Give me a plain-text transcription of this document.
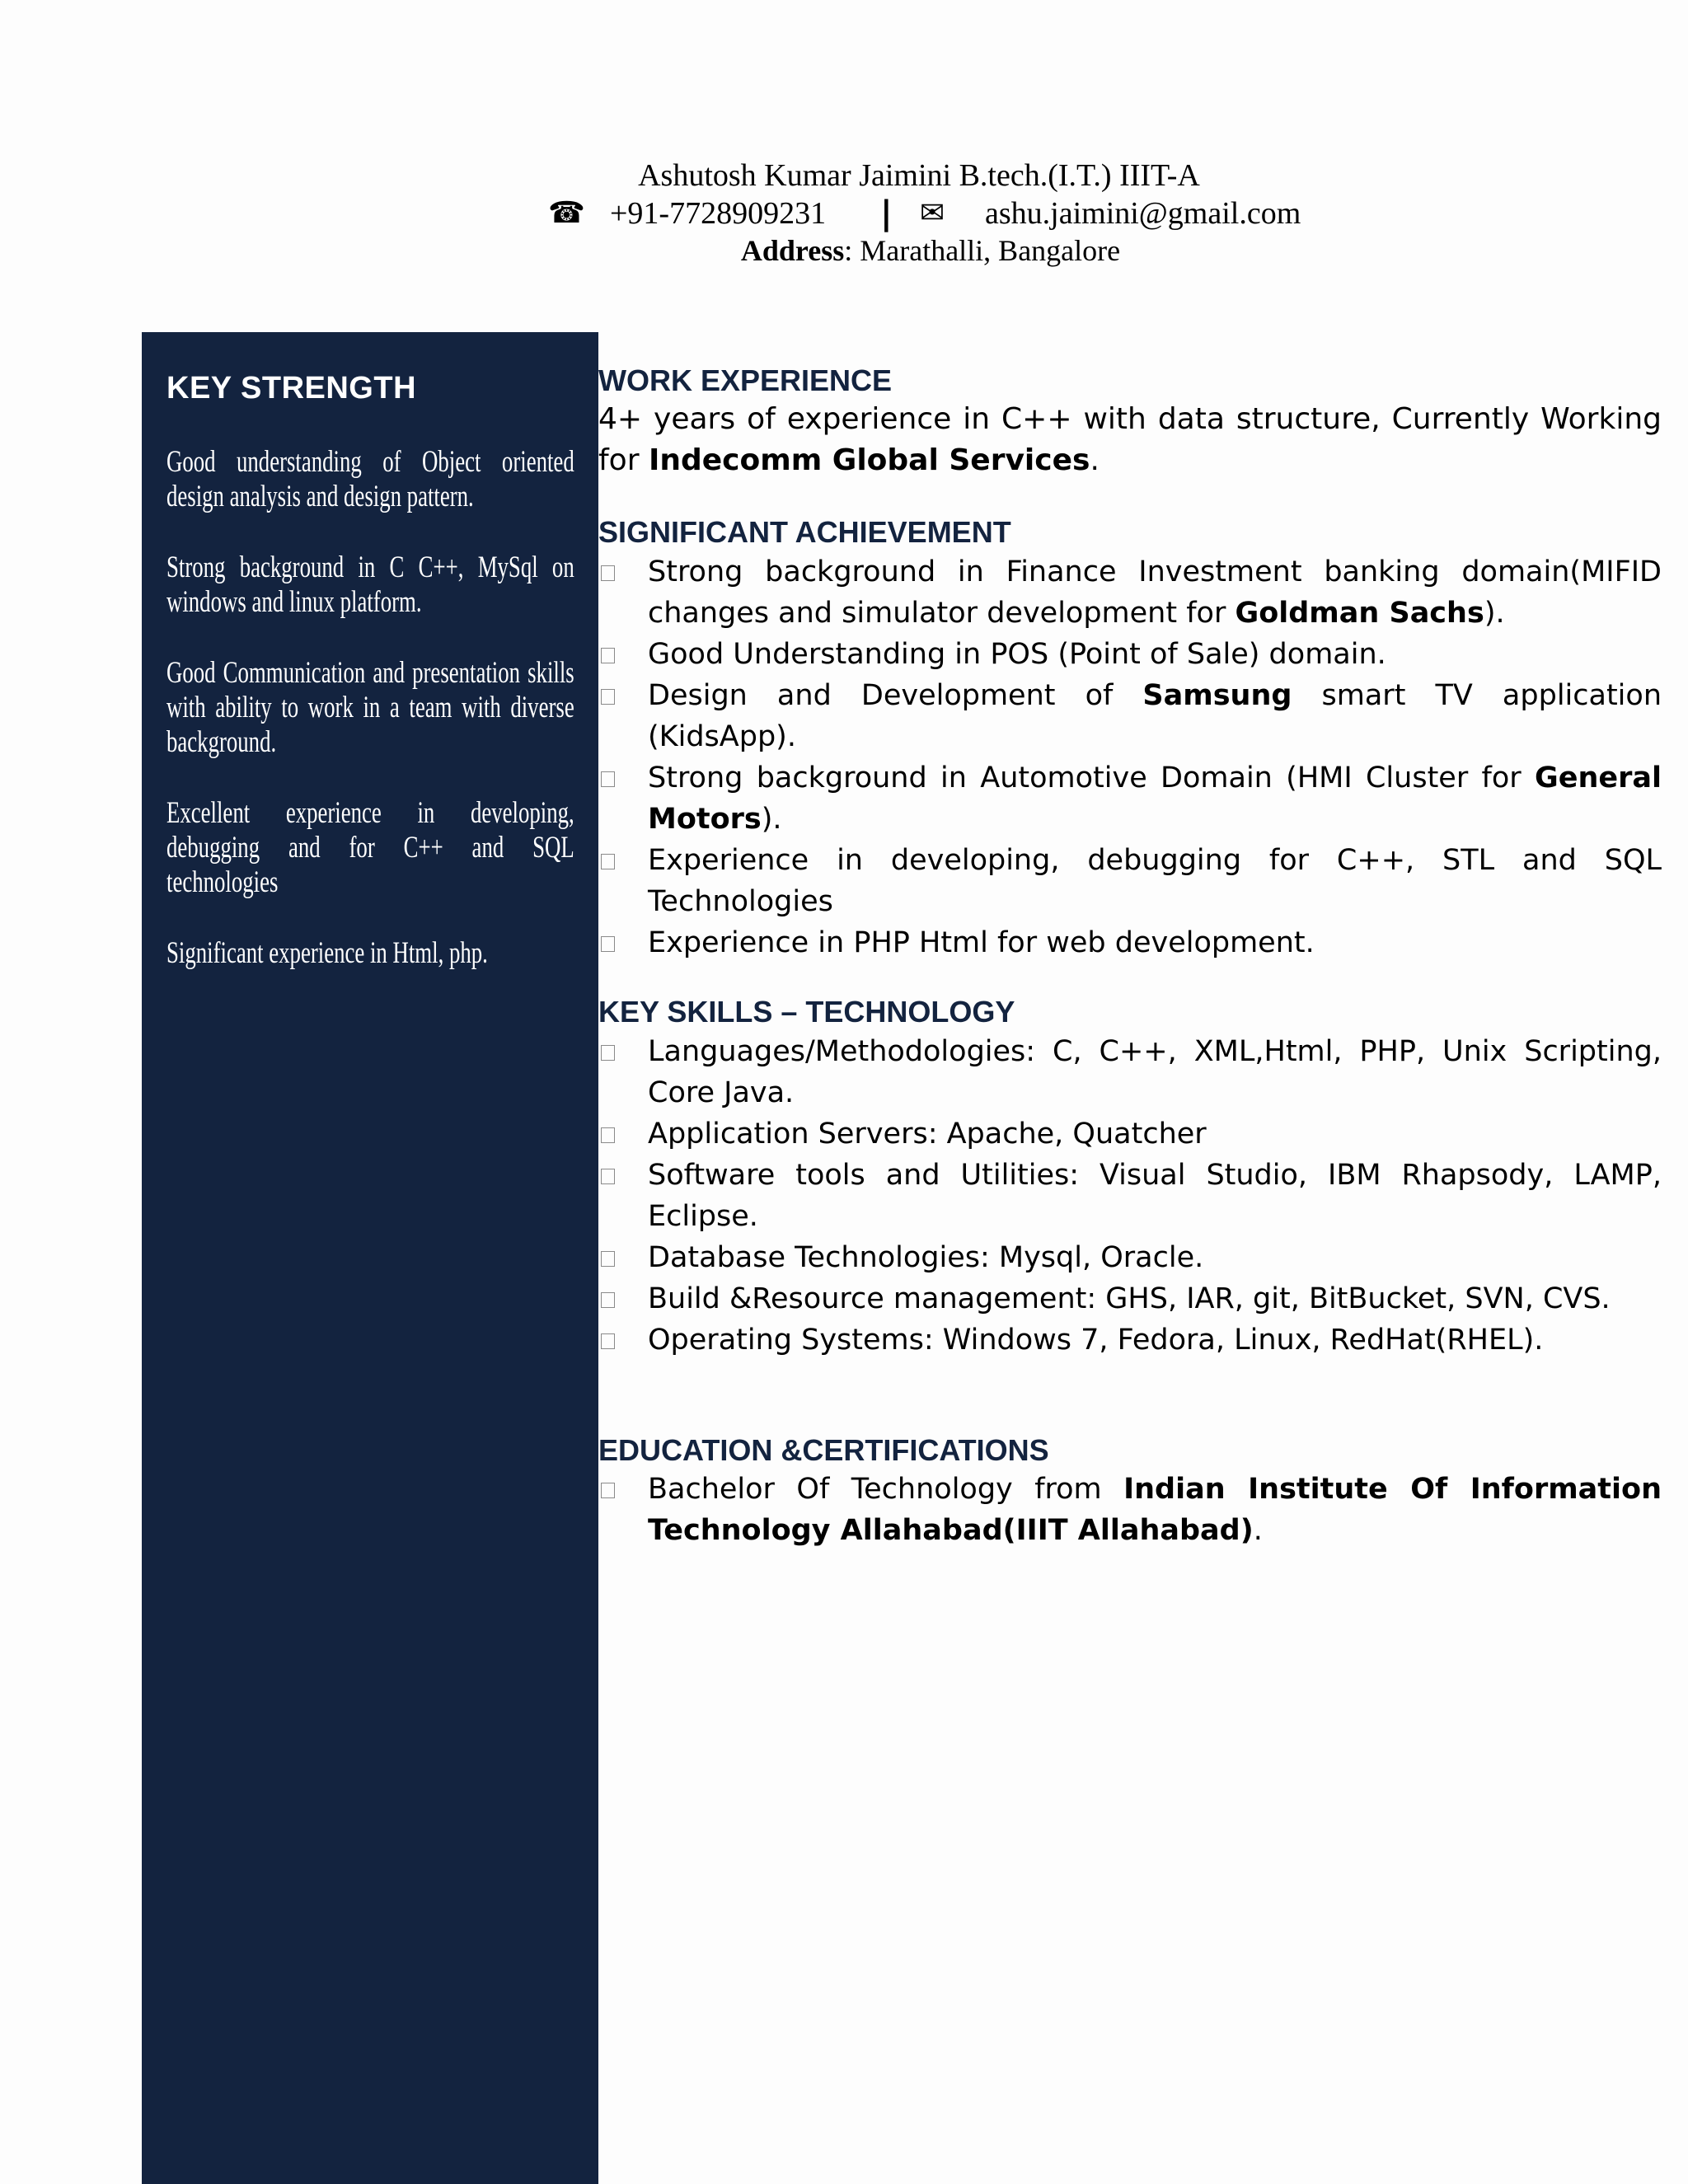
Ashutosh Kumar Jaimini B.tech.(I.T.) IIIT-A
☎ +91-7728909231 | ✉ ashu.jaimini@gmail.com
Address: Marathalli, Bangalore
KEY STRENGTH

Good understanding of Object oriented design analysis and design pattern.

Strong background in C C++, MySql on windows and linux platform.

Good Communication and presentation skills with ability to work in a team with diverse background.

Excellent experience in developing, debugging and for C++ and SQL technologies

Significant experience in Html, php.

WORK EXPERIENCE
4+ years of experience in C++ with data structure, Currently Working for Indecomm Global Services.
SIGNIFICANT ACHIEVEMENT
Strong background in Finance Investment banking domain(MIFID changes and simulator development for Goldman Sachs).
Good Understanding in POS (Point of Sale) domain.
Design and Development of Samsung smart TV application (KidsApp).
Strong background in Automotive Domain (HMI Cluster for General Motors).
Experience in developing, debugging for C++, STL and SQL Technologies
Experience in PHP Html for web development.
KEY SKILLS – TECHNOLOGY
Languages/Methodologies: C, C++, XML,Html, PHP, Unix Scripting, Core Java.
Application Servers: Apache, Quatcher
Software tools and Utilities: Visual Studio, IBM Rhapsody, LAMP, Eclipse.
Database Technologies: Mysql, Oracle.
Build &Resource management: GHS, IAR, git, BitBucket, SVN, CVS.
Operating Systems: Windows 7, Fedora, Linux, RedHat(RHEL).
EDUCATION &CERTIFICATIONS
Bachelor Of Technology from Indian Institute Of Information Technology Allahabad(IIIT Allahabad).
